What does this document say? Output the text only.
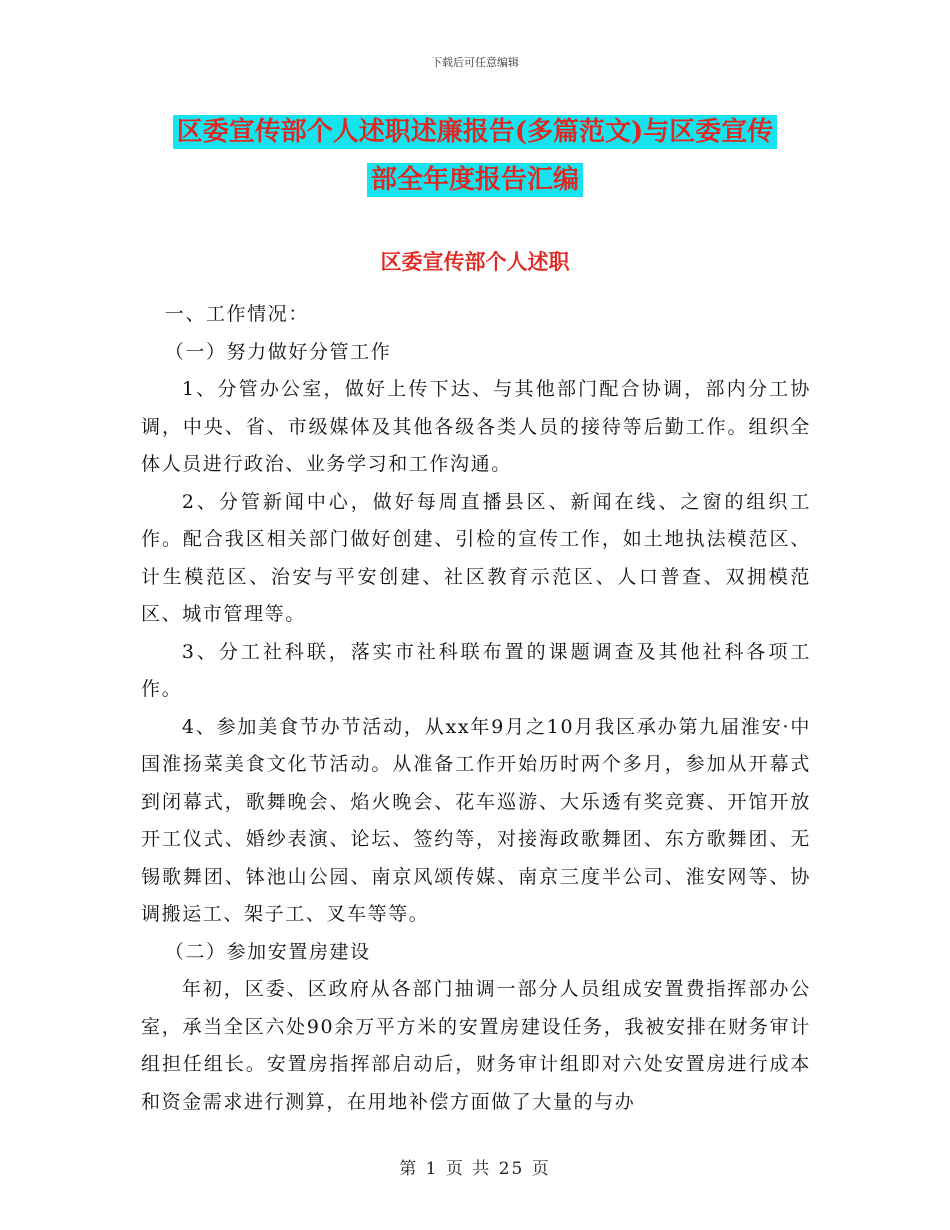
下载后可任意编辑
区委宣传部个人述职述廉报告(多篇范文)与区委宣传
部全年度报告汇编
区委宣传部个人述职

一、工作情况：

（一）努力做好分管工作

1、分管办公室，做好上传下达、与其他部门配合协调，部内分工协调，中央、省、市级媒体及其他各级各类人员的接待等后勤工作。组织全体人员进行政治、业务学习和工作沟通。

2、分管新闻中心，做好每周直播县区、新闻在线、之窗的组织工作。配合我区相关部门做好创建、引检的宣传工作，如土地执法模范区、计生模范区、治安与平安创建、社区教育示范区、人口普查、双拥模范区、城市管理等。

3、分工社科联，落实市社科联布置的课题调查及其他社科各项工作。

4、参加美食节办节活动，从xx年9月之10月我区承办第九届淮安·中国淮扬菜美食文化节活动。从准备工作开始历时两个多月，参加从开幕式到闭幕式，歌舞晚会、焰火晚会、花车巡游、大乐透有奖竞赛、开馆开放开工仪式、婚纱表演、论坛、签约等，对接海政歌舞团、东方歌舞团、无锡歌舞团、钵池山公园、南京风颂传媒、南京三度半公司、淮安网等、协调搬运工、架子工、叉车等等。

（二）参加安置房建设

年初，区委、区政府从各部门抽调一部分人员组成安置费指挥部办公室，承当全区六处90余万平方米的安置房建设任务，我被安排在财务审计组担任组长。安置房指挥部启动后，财务审计组即对六处安置房进行成本和资金需求进行测算，在用地补偿方面做了大量的与办

第 1 页 共 25 页
